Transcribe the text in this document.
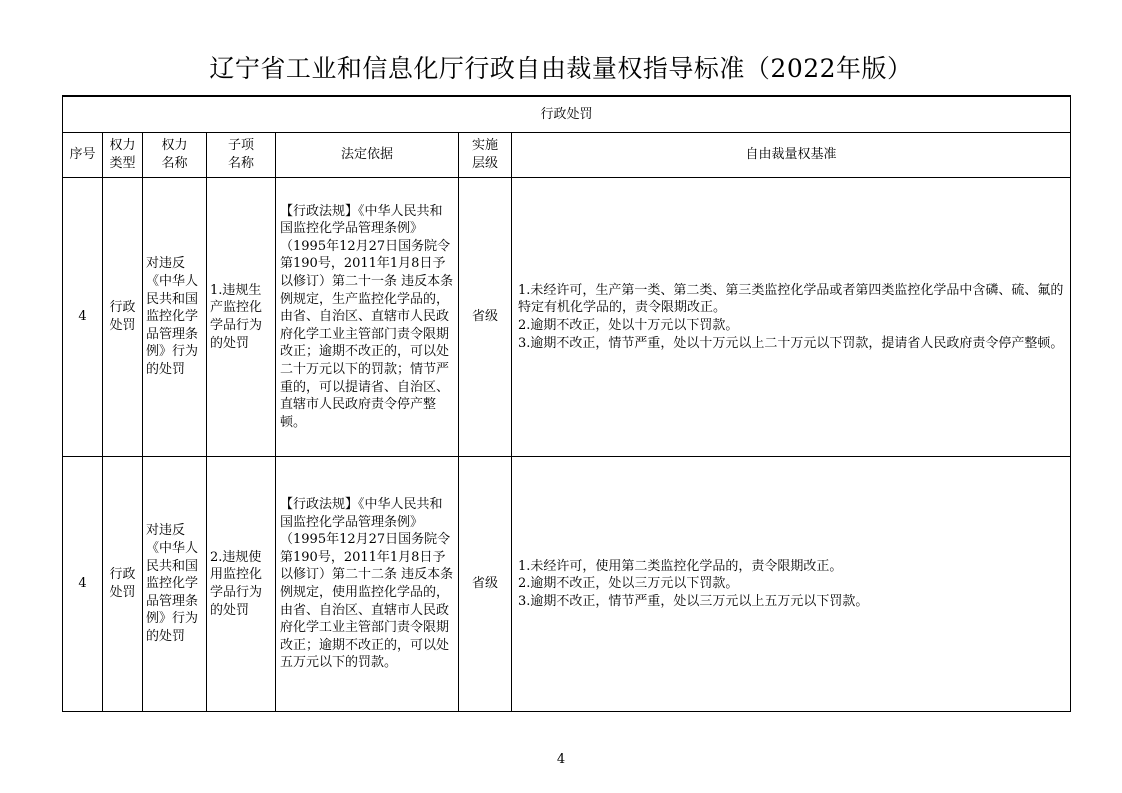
辽宁省工业和信息化厅行政自由裁量权指导标准（2022年版）
行政处罚						
序号	权力类型	权力名称	子项名称	法定依据	实施层级	自由裁量权基准
4	行政处罚	对违反《中华人民共和国监控化学品管理条例》行为的处罚	1.违规生产监控化学品行为的处罚	【行政法规】《中华人民共和国监控化学品管理条例》（1995年12月27日国务院令第190号，2011年1月8日予以修订）第二十一条 违反本条例规定，生产监控化学品的，由省、自治区、直辖市人民政府化学工业主管部门责令限期改正；逾期不改正的，可以处二十万元以下的罚款；情节严重的，可以提请省、自治区、直辖市人民政府责令停产整顿。	省级	1.未经许可，生产第一类、第二类、第三类监控化学品或者第四类监控化学品中含磷、硫、氟的特定有机化学品的，责令限期改正。
2.逾期不改正，处以十万元以下罚款。
3.逾期不改正，情节严重，处以十万元以上二十万元以下罚款，提请省人民政府责令停产整顿。

4	行政处罚	对违反《中华人民共和国监控化学品管理条例》行为的处罚	2.违规使用监控化学品行为的处罚	【行政法规】《中华人民共和国监控化学品管理条例》（1995年12月27日国务院令第190号，2011年1月8日予以修订）第二十二条 违反本条例规定，使用监控化学品的，由省、自治区、直辖市人民政府化学工业主管部门责令限期改正；逾期不改正的，可以处五万元以下的罚款。	省级	1.未经许可，使用第二类监控化学品的，责令限期改正。
2.逾期不改正，处以三万元以下罚款。
3.逾期不改正，情节严重，处以三万元以上五万元以下罚款。
4
